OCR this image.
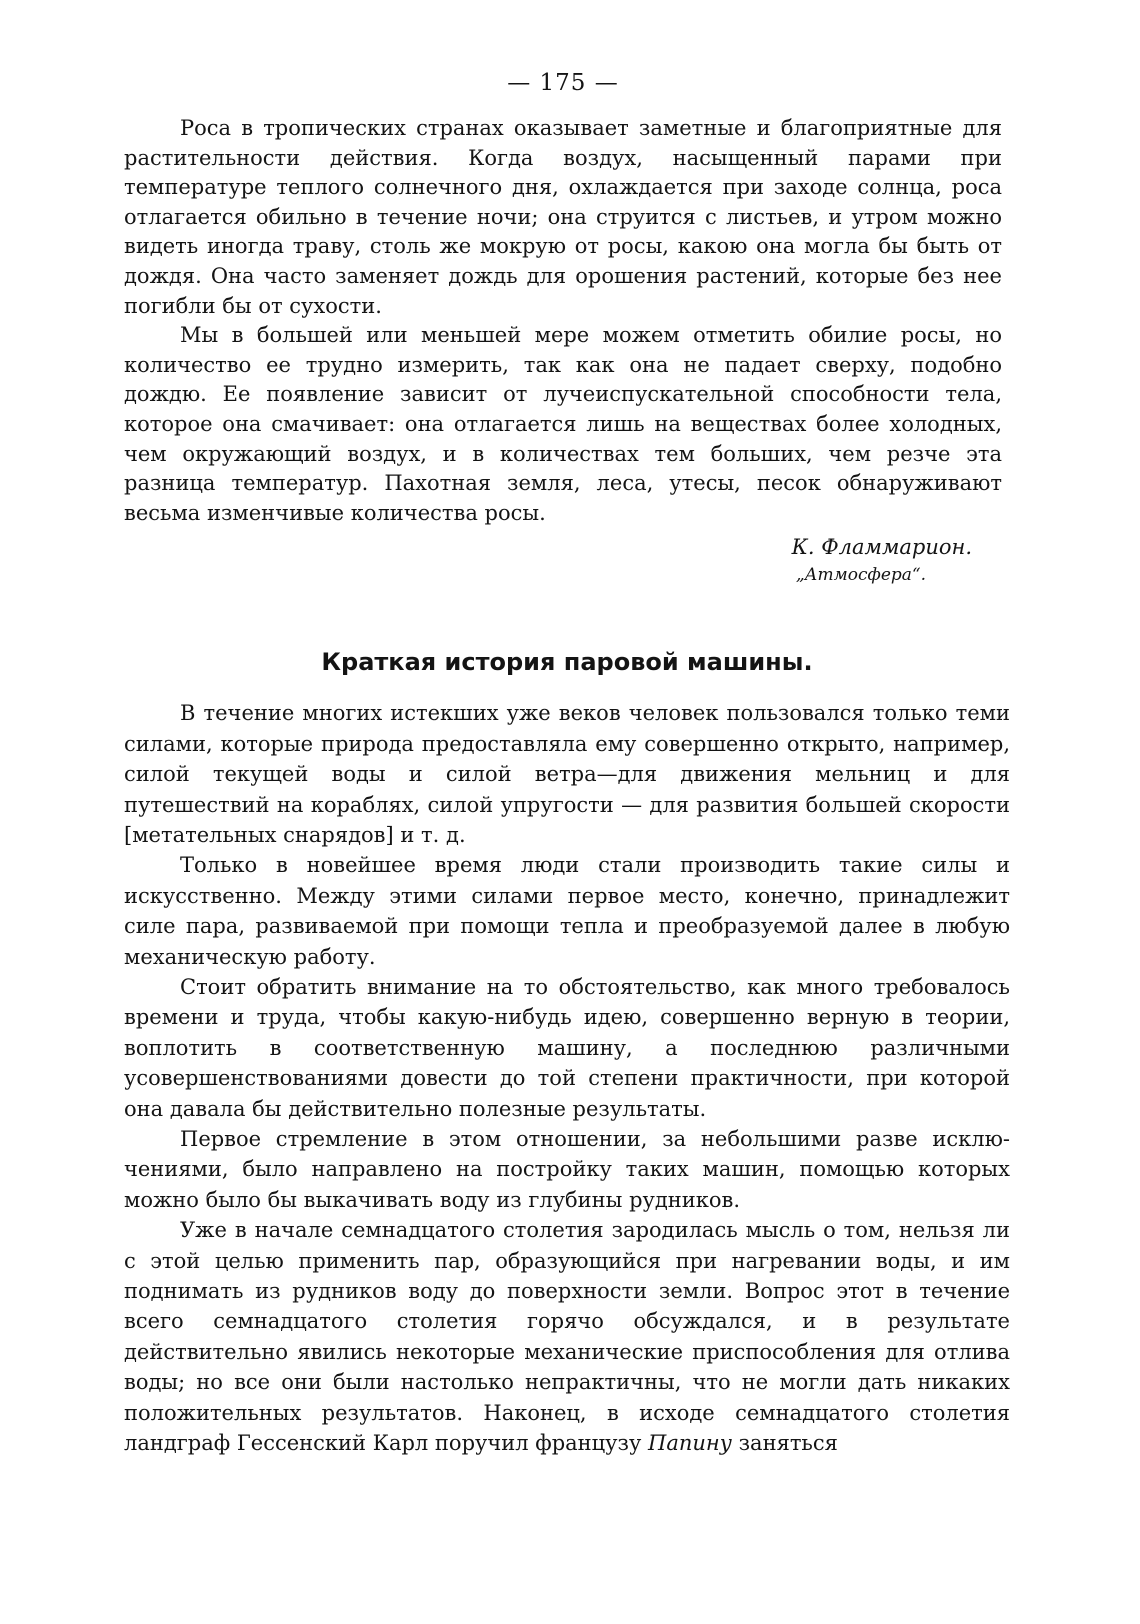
— 175 —

Роса в тропических странах оказывает заметные и благоприятные для растительности действия. Когда воздух, насыщенный парами при температуре теплого солнечного дня, охлаждается при заходе солнца, роса отлагается обильно в течение ночи; она струится с листьев, и утром можно видеть иногда траву, столь же мокрую от росы, какою она могла бы быть от дождя. Она часто заменяет дождь для орошения растений, которые без нее погибли бы от сухости.

Мы в большей или меньшей мере можем отметить обилие росы, но количество ее трудно измерить, так как она не падает сверху, подобно дождю. Ее появление зависит от лучеиспускательной способности тела, которое она смачивает: она отлагается лишь на веществах более холодных, чем окружающий воздух, и в количествах тем больших, чем резче эта разница температур. Пахотная земля, леса, утесы, песок обнаруживают весьма изменчивые количества росы.

К. Фламмарион.
„Атмосфера“.
Краткая история паровой машины.

В течение многих истекших уже веков человек пользовался только теми силами, которые природа предоставляла ему совершенно открыто, например, силой текущей воды и силой ветра—для движения мельниц и для путешествий на кораблях, силой упругости — для развития большей скорости [метательных снарядов] и т. д.

Только в новейшее время люди стали производить такие силы и искусственно. Между этими силами первое место, конечно, принадлежит силе пара, развиваемой при помощи тепла и преобразуемой далее в любую механическую работу.

Стоит обратить внимание на то обстоятельство, как много требовалось времени и труда, чтобы какую-нибудь идею, совершенно верную в теории, воплотить в соответственную машину, а последнюю различными усовершенствованиями довести до той степени практичности, при которой она давала бы действительно полезные результаты.

Первое стремление в этом отношении, за небольшими разве исключениями, было направлено на постройку таких машин, помощью которых можно было бы выкачивать воду из глубины рудников.

Уже в начале семнадцатого столетия зародилась мысль о том, нельзя ли с этой целью применить пар, образующийся при нагревании воды, и им поднимать из рудников воду до поверхности земли. Вопрос этот в течение всего семнадцатого столетия горячо обсуждался, и в результате действительно явились некоторые механические приспособления для отлива воды; но все они были настолько непрактичны, что не могли дать никаких положительных результатов. Наконец, в исходе семнадцатого столетия ландграф Гессенский Карл поручил французу Папину заняться
